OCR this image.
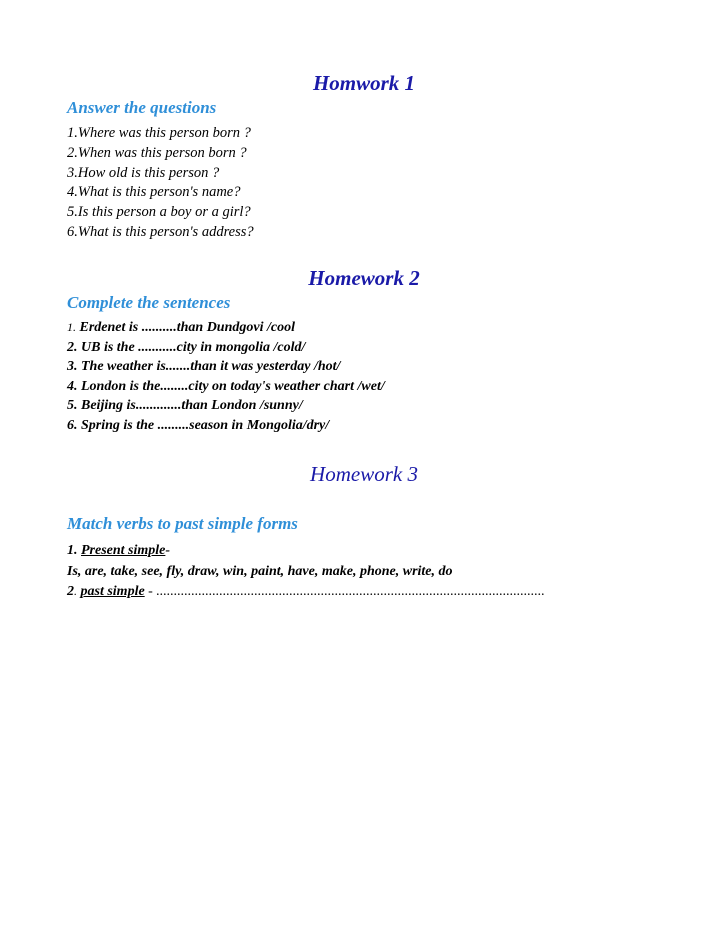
Homwork 1
Answer the questions
1.Where was this person born ?
2.When was this person born ?
3.How old is this person ?
4.What is this person's name?
5.Is this person a boy or a girl?
6.What is this person's address?
Homework 2
Complete the sentences
1. Erdenet is ..........than Dundgovi /cool
2. UB is the ...........city in mongolia /cold/
3. The weather is.......than it was yesterday /hot/
4. London is the........city on today's weather chart /wet/
5. Beijing is.............than London /sunny/
6. Spring is the .........season in Mongolia/dry/
Homework 3
Match verbs to past simple forms
1. Present simple-
Is, are, take, see, fly, draw, win, paint, have, make, phone, write, do
2. past simple - ...............................................................................................................
